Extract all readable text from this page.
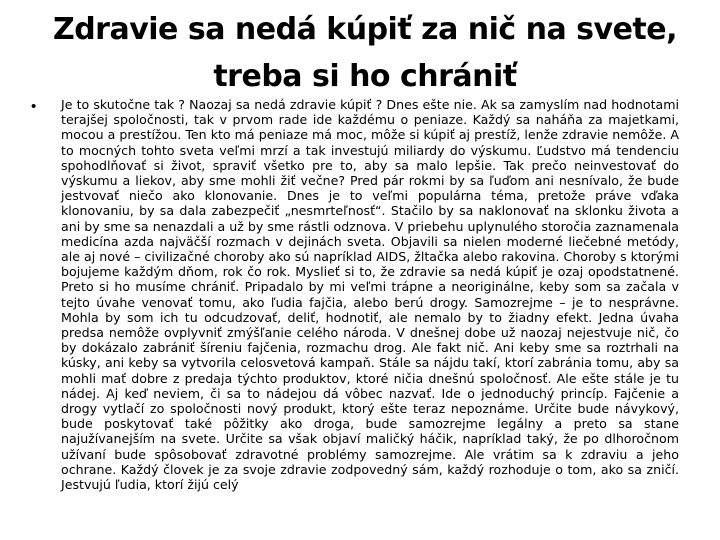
Zdravie sa nedá kúpiť za nič na svete, treba si ho chrániť
• Je to skutočne tak ? Naozaj sa nedá zdravie kúpiť ? Dnes ešte nie. Ak sa zamyslím nad hodnotami terajšej spoločnosti, tak v prvom rade ide každému o peniaze. Každý sa naháňa za majetkami, mocou a prestížou. Ten kto má peniaze má moc, môže si kúpiť aj prestíž, lenže zdravie nemôže. A to mocných tohto sveta veľmi mrzí a tak investujú miliardy do výskumu. Ľudstvo má tendenciu spohodlňovať si život, spraviť všetko pre to, aby sa malo lepšie. Tak prečo neinvestovať do výskumu a liekov, aby sme mohli žiť večne? Pred pár rokmi by sa ľuďom ani nesnívalo, že bude jestvovať niečo ako klonovanie. Dnes je to veľmi populárna téma, pretože práve vďaka klonovaniu, by sa dala zabezpečiť „nesmrteľnosť“. Stačilo by sa naklonovať na sklonku života a ani by sme sa nenazdali a už by sme rástli odznova. V priebehu uplynulého storočia zaznamenala medicína azda najväčší rozmach v dejinách sveta. Objavili sa nielen moderné liečebné metódy, ale aj nové – civilizačné choroby ako sú napríklad AIDS, žltačka alebo rakovina. Choroby s ktorými bojujeme každým dňom, rok čo rok. Myslieť si to, že zdravie sa nedá kúpiť je ozaj opodstatnené. Preto si ho musíme chrániť. Pripadalo by mi veľmi trápne a neoriginálne, keby som sa začala v tejto úvahe venovať tomu, ako ľudia fajčia, alebo berú drogy. Samozrejme – je to nesprávne. Mohla by som ich tu odcudzovať, deliť, hodnotiť, ale nemalo by to žiadny efekt. Jedna úvaha predsa nemôže ovplyvniť zmýšľanie celého národa. V dnešnej dobe už naozaj nejestvuje nič, čo by dokázalo zabrániť šíreniu fajčenia, rozmachu drog. Ale fakt nič. Ani keby sme sa roztrhali na kúsky, ani keby sa vytvorila celosvetová kampaň. Stále sa nájdu takí, ktorí zabránia tomu, aby sa mohli mať dobre z predaja týchto produktov, ktoré ničia dnešnú spoločnosť. Ale ešte stále je tu nádej. Aj keď neviem, či sa to nádejou dá vôbec nazvať. Ide o jednoduchý princíp. Fajčenie a drogy vytlačí zo spoločnosti nový produkt, ktorý ešte teraz nepoznáme. Určite bude návykový, bude poskytovať také pôžitky ako droga, bude samozrejme legálny a preto sa stane najužívanejším na svete. Určite sa však objaví maličký háčik, napríklad taký, že po dlhoročnom užívaní bude spôsobovať zdravotné problémy samozrejme. Ale vrátim sa k zdraviu a jeho ochrane. Každý človek je za svoje zdravie zodpovedný sám, každý rozhoduje o tom, ako sa zničí. Jestvujú ľudia, ktorí žijú celý
